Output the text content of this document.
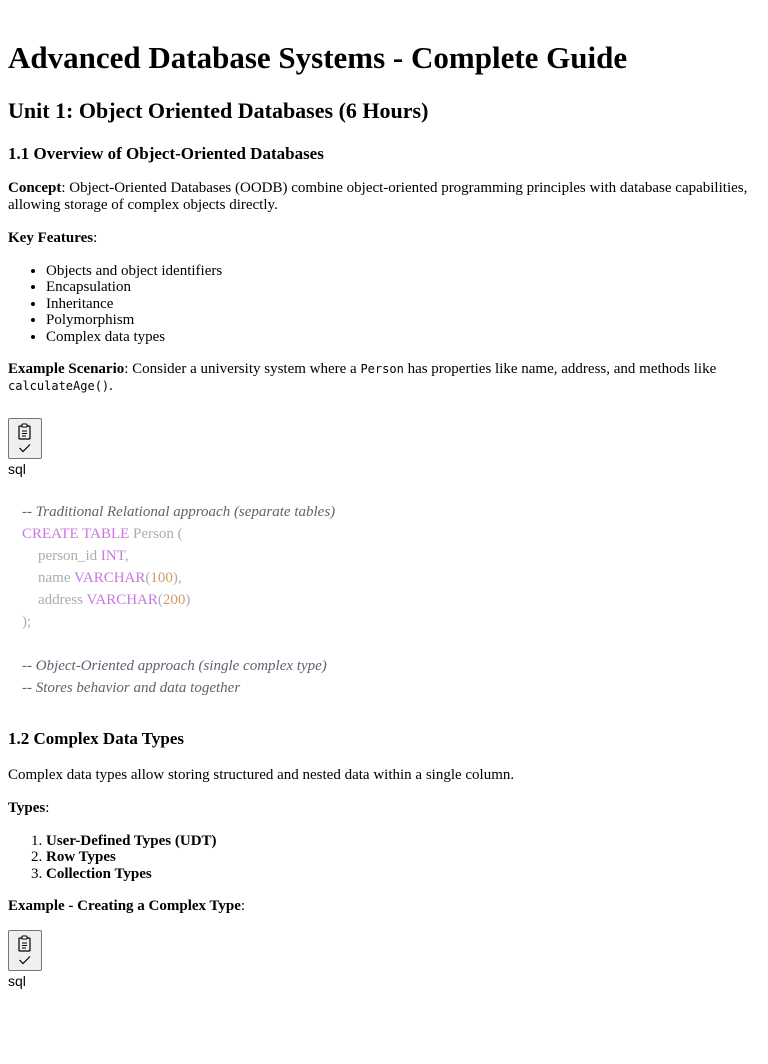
Advanced Database Systems - Complete Guide
Unit 1: Object Oriented Databases (6 Hours)
1.1 Overview of Object-Oriented Databases

Concept: Object-Oriented Databases (OODB) combine object-oriented programming principles with database capabilities, allowing storage of complex objects directly.

Key Features:

• Objects and object identifiers
• Encapsulation
• Inheritance
• Polymorphism
• Complex data types

Example Scenario: Consider a university system where a Person has properties like name, address, and methods like calculateAge().

sql
-- Traditional Relational approach (separate tables)
CREATE TABLE Person (
person_id INT,
name VARCHAR(100),
address VARCHAR(200)
);
-- Object-Oriented approach (single complex type)
-- Stores behavior and data together
1.2 Complex Data Types

Complex data types allow storing structured and nested data within a single column.

Types:

1. User-Defined Types (UDT)
2. Row Types
3. Collection Types

Example - Creating a Complex Type:

sql
